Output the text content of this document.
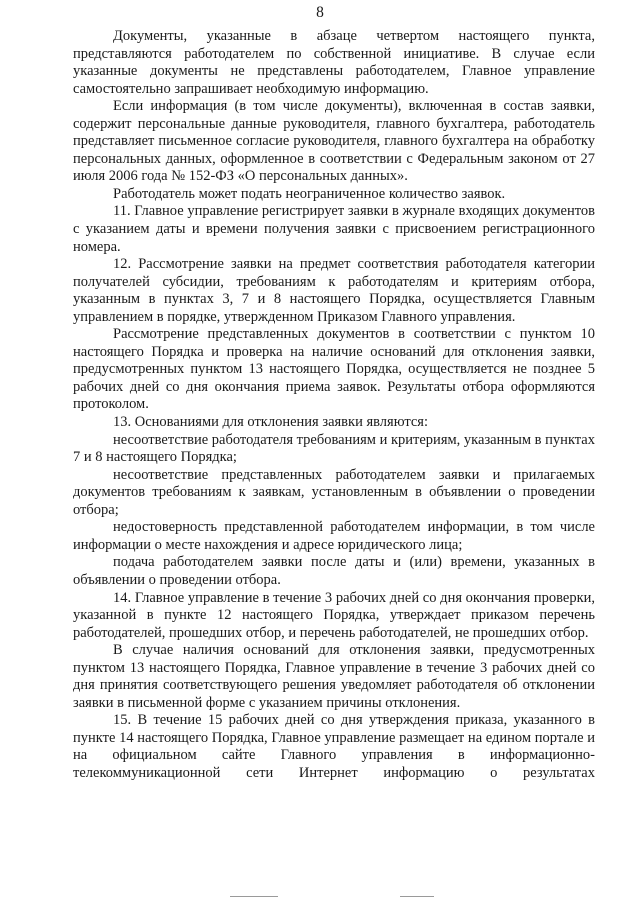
8

Документы, указанные в абзаце четвертом настоящего пункта, представляются работодателем по собственной инициативе. В случае если указанные документы не представлены работодателем, Главное управление самостоятельно запрашивает необходимую информацию.

Если информация (в том числе документы), включенная в состав заявки, содержит персональные данные руководителя, главного бухгалтера, работодатель представляет письменное согласие руководителя, главного бухгалтера на обработку персональных данных, оформленное в соответствии с Федеральным законом от 27 июля 2006 года № 152-ФЗ «О персональных данных».

Работодатель может подать неограниченное количество заявок.

11. Главное управление регистрирует заявки в журнале входящих документов с указанием даты и времени получения заявки с присвоением регистрационного номера.

12. Рассмотрение заявки на предмет соответствия работодателя категории получателей субсидии, требованиям к работодателям и критериям отбора, указанным в пунктах 3, 7 и 8 настоящего Порядка, осуществляется Главным управлением в порядке, утвержденном Приказом Главного управления.

Рассмотрение представленных документов в соответствии с пунктом 10 настоящего Порядка и проверка на наличие оснований для отклонения заявки, предусмотренных пунктом 13 настоящего Порядка, осуществляется не позднее 5 рабочих дней со дня окончания приема заявок. Результаты отбора оформляются протоколом.

13. Основаниями для отклонения заявки являются:

несоответствие работодателя требованиям и критериям, указанным в пунктах 7 и 8 настоящего Порядка;

несоответствие представленных работодателем заявки и прилагаемых документов требованиям к заявкам, установленным в объявлении о проведении отбора;

недостоверность представленной работодателем информации, в том числе информации о месте нахождения и адресе юридического лица;

подача работодателем заявки после даты и (или) времени, указанных в объявлении о проведении отбора.

14. Главное управление в течение 3 рабочих дней со дня окончания проверки, указанной в пункте 12 настоящего Порядка, утверждает приказом перечень работодателей, прошедших отбор, и перечень работодателей, не прошедших отбор.

В случае наличия оснований для отклонения заявки, предусмотренных пунктом 13 настоящего Порядка, Главное управление в течение 3 рабочих дней со дня принятия соответствующего решения уведомляет работодателя об отклонении заявки в письменной форме с указанием причины отклонения.

15. В течение 15 рабочих дней со дня утверждения приказа, указанного в пункте 14 настоящего Порядка, Главное управление размещает на едином портале и на официальном сайте Главного управления в информационно-телекоммуникационной сети Интернет информацию о результатах
